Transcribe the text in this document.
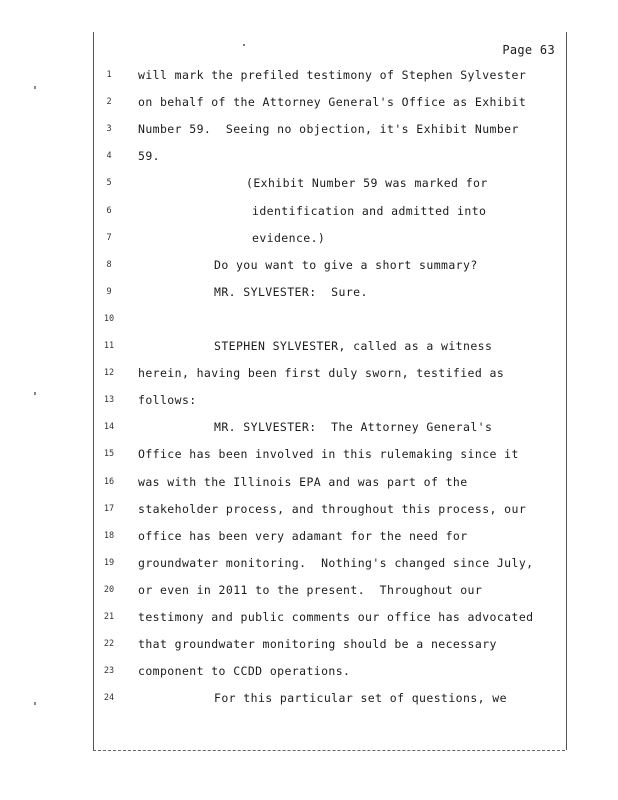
Page 63
1	will mark the prefiled testimony of Stephen Sylvester
2	on behalf of the Attorney General's Office as Exhibit
3	Number 59.  Seeing no objection, it's Exhibit Number
4	59.
5	(Exhibit Number 59 was marked for
6	identification and admitted into
7	evidence.)
8	Do you want to give a short summary?
9	MR. SYLVESTER:  Sure.
10
11	STEPHEN SYLVESTER, called as a witness
12	herein, having been first duly sworn, testified as
13	follows:
14	MR. SYLVESTER:  The Attorney General's
15	Office has been involved in this rulemaking since it
16	was with the Illinois EPA and was part of the
17	stakeholder process, and throughout this process, our
18	office has been very adamant for the need for
19	groundwater monitoring.  Nothing's changed since July,
20	or even in 2011 to the present.  Throughout our
21	testimony and public comments our office has advocated
22	that groundwater monitoring should be a necessary
23	component to CCDD operations.
24	For this particular set of questions, we
